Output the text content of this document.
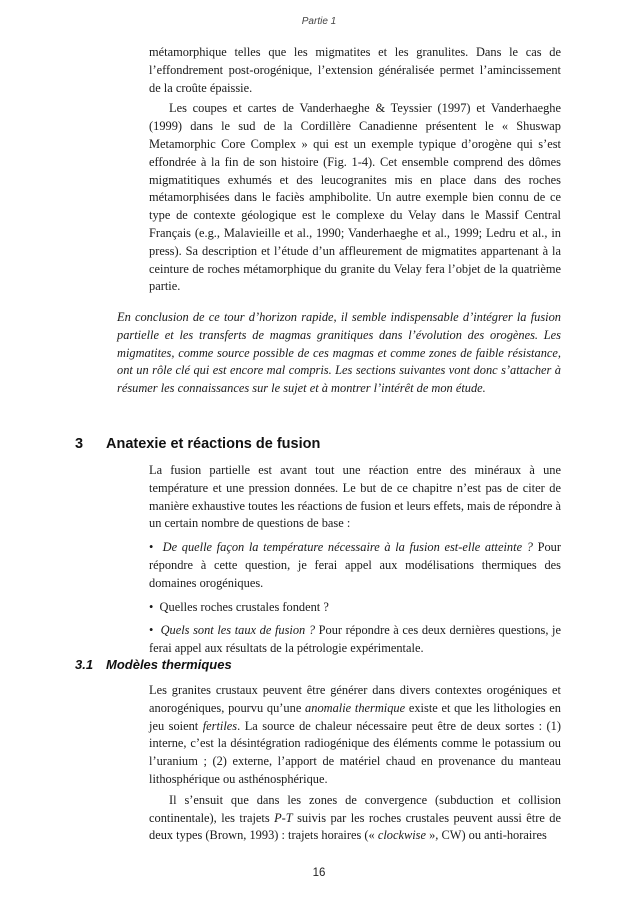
Partie 1

métamorphique telles que les migmatites et les granulites. Dans le cas de l’effondrement post-orogénique, l’extension généralisée permet l’amincissement de la croûte épaissie.

Les coupes et cartes de Vanderhaeghe & Teyssier (1997) et Vanderhaeghe (1999) dans le sud de la Cordillère Canadienne présentent le « Shuswap Metamorphic Core Complex » qui est un exemple typique d’orogène qui s’est effondrée à la fin de son histoire (Fig. 1-4). Cet ensemble comprend des dômes migmatitiques exhumés et des leucogranites mis en place dans des roches métamorphisées dans le faciès amphibolite. Un autre exemple bien connu de ce type de contexte géologique est le complexe du Velay dans le Massif Central Français (e.g., Malavieille et al., 1990; Vanderhaeghe et al., 1999; Ledru et al., in press). Sa description et l’étude d’un affleurement de migmatites appartenant à la ceinture de roches métamorphique du granite du Velay fera l’objet de la quatrième partie.

En conclusion de ce tour d’horizon rapide, il semble indispensable d’intégrer la fusion partielle et les transferts de magmas granitiques dans l’évolution des orogènes. Les migmatites, comme source possible de ces magmas et comme zones de faible résistance, ont un rôle clé qui est encore mal compris. Les sections suivantes vont donc s’attacher à résumer les connaissances sur le sujet et à montrer l’intérêt de mon étude.

3 Anatexie et réactions de fusion

La fusion partielle est avant tout une réaction entre des minéraux à une température et une pression données. Le but de ce chapitre n’est pas de citer de manière exhaustive toutes les réactions de fusion et leurs effets, mais de répondre à un certain nombre de questions de base :

• De quelle façon la température nécessaire à la fusion est-elle atteinte ? Pour répondre à cette question, je ferai appel aux modélisations thermiques des domaines orogéniques.

• Quelles roches crustales fondent ?

• Quels sont les taux de fusion ? Pour répondre à ces deux dernières questions, je ferai appel aux résultats de la pétrologie expérimentale.

3.1 Modèles thermiques

Les granites crustaux peuvent être générer dans divers contextes orogéniques et anorogéniques, pourvu qu’une anomalie thermique existe et que les lithologies en jeu soient fertiles. La source de chaleur nécessaire peut être de deux sortes : (1) interne, c’est la désintégration radiogénique des éléments comme le potassium ou l’uranium ; (2) externe, l’apport de matériel chaud en provenance du manteau lithosphérique ou asthénosphérique.

Il s’ensuit que dans les zones de convergence (subduction et collision continentale), les trajets P-T suivis par les roches crustales peuvent aussi être de deux types (Brown, 1993) : trajets horaires (« clockwise », CW) ou anti-horaires

16
